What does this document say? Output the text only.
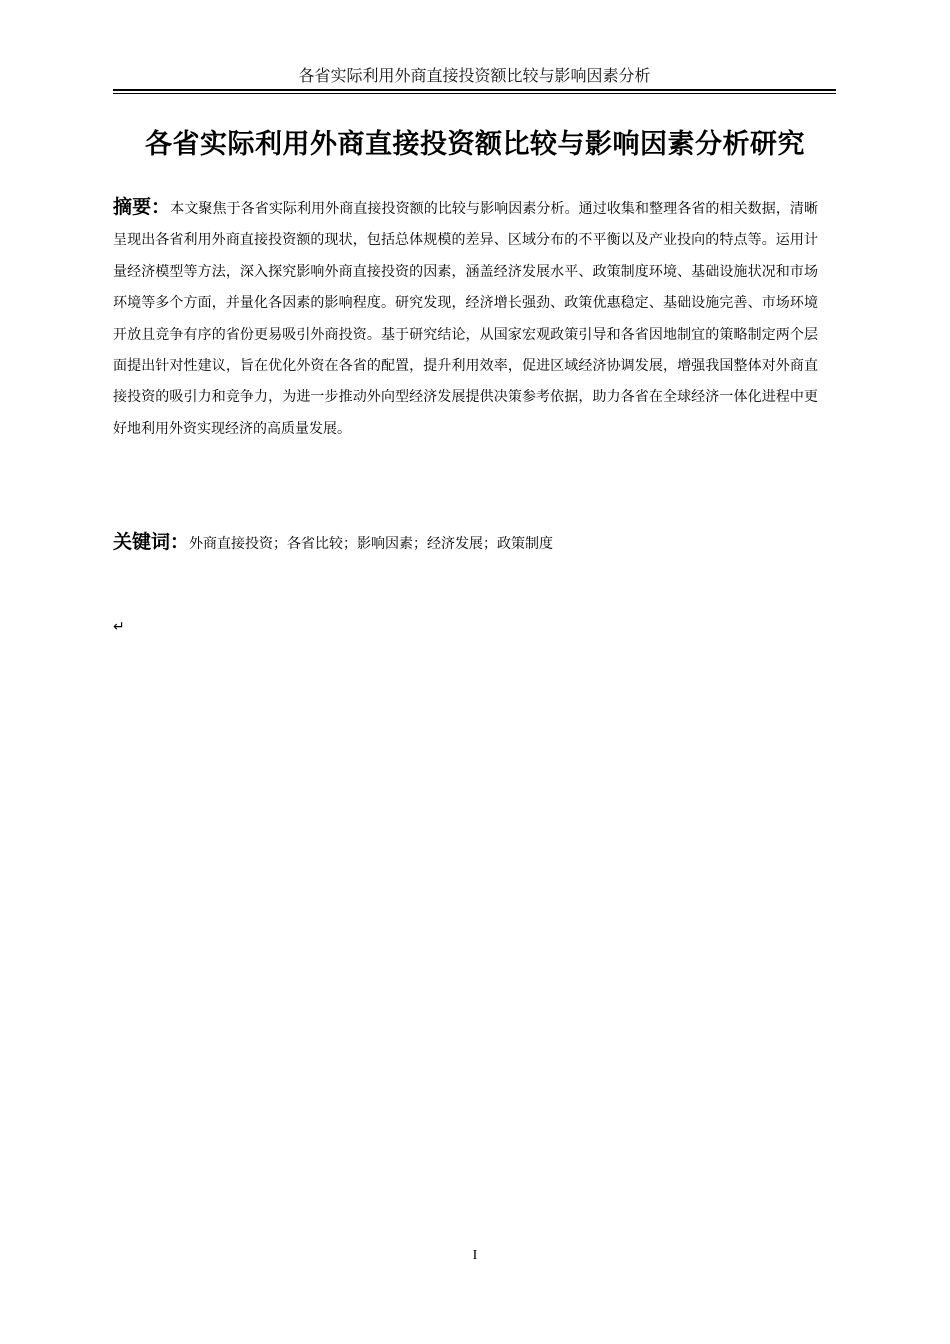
各省实际利用外商直接投资额比较与影响因素分析
各省实际利用外商直接投资额比较与影响因素分析研究

摘要：本文聚焦于各省实际利用外商直接投资额的比较与影响因素分析。通过收集和整理各省的相关数据，清晰呈现出各省利用外商直接投资额的现状，包括总体规模的差异、区域分布的不平衡以及产业投向的特点等。运用计量经济模型等方法，深入探究影响外商直接投资的因素，涵盖经济发展水平、政策制度环境、基础设施状况和市场环境等多个方面，并量化各因素的影响程度。研究发现，经济增长强劲、政策优惠稳定、基础设施完善、市场环境开放且竞争有序的省份更易吸引外商投资。基于研究结论，从国家宏观政策引导和各省因地制宜的策略制定两个层面提出针对性建议，旨在优化外资在各省的配置，提升利用效率，促进区域经济协调发展，增强我国整体对外商直接投资的吸引力和竞争力，为进一步推动外向型经济发展提供决策参考依据，助力各省在全球经济一体化进程中更好地利用外资实现经济的高质量发展。

关键词：外商直接投资；各省比较；影响因素；经济发展；政策制度

↵
I
